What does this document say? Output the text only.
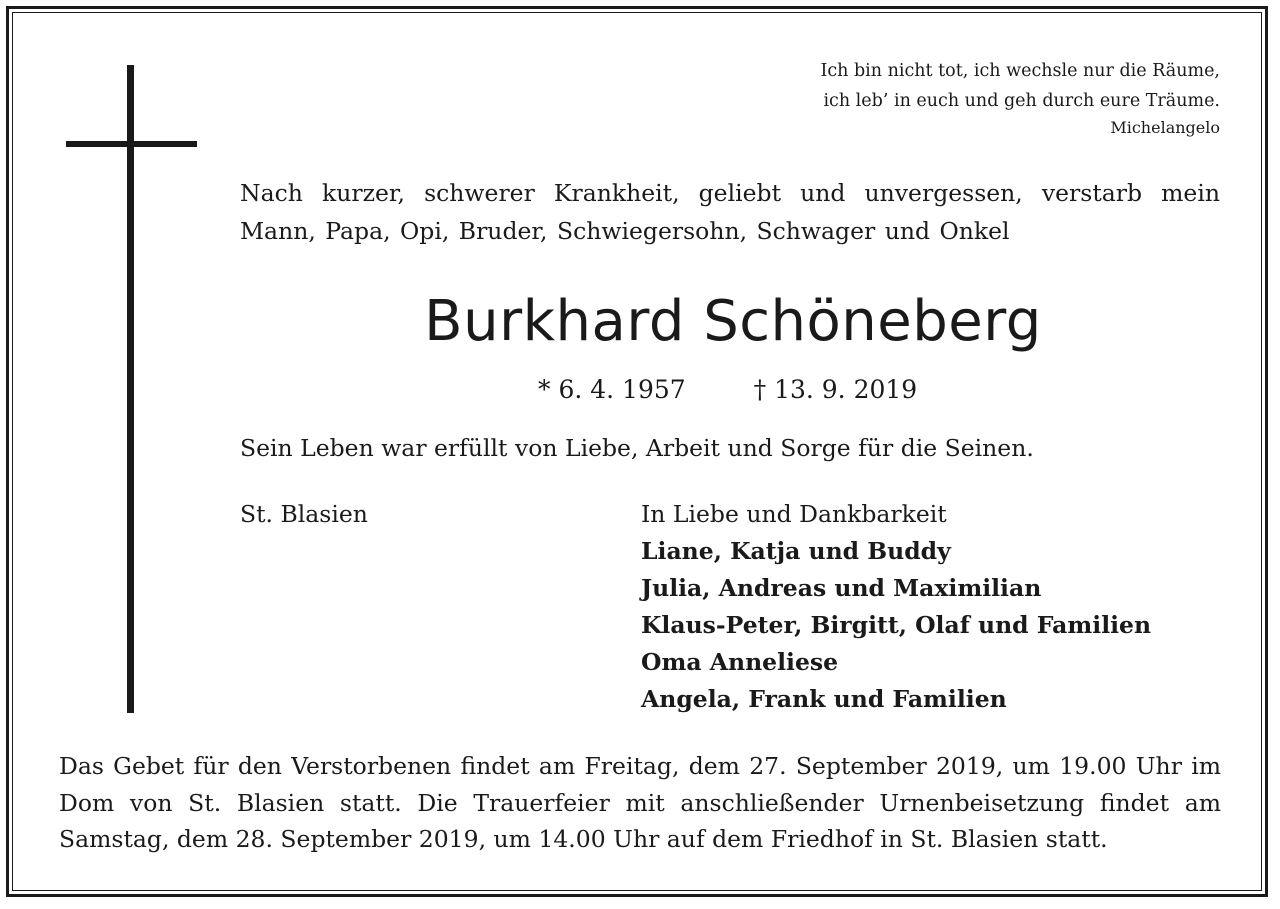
Ich bin nicht tot, ich wechsle nur die Räume,
ich leb’ in euch und geh durch eure Träume.
Michelangelo
Nach kurzer, schwerer Krankheit, geliebt und unvergessen, verstarb mein Mann, Papa, Opi, Bruder, Schwiegersohn, Schwager und Onkel
Burkhard Schöneberg
* 6. 4. 1957	† 13. 9. 2019
Sein Leben war erfüllt von Liebe, Arbeit und Sorge für die Seinen.
St. Blasien	In Liebe und Dankbarkeit
Liane, Katja und Buddy
Julia, Andreas und Maximilian
Klaus-Peter, Birgitt, Olaf und Familien
Oma Anneliese
Angela, Frank und Familien
Das Gebet für den Verstorbenen findet am Freitag, dem 27. September 2019, um 19.00 Uhr im Dom von St. Blasien statt. Die Trauerfeier mit anschließender Urnenbeisetzung findet am Samstag, dem 28. September 2019, um 14.00 Uhr auf dem Friedhof in St. Blasien statt.
